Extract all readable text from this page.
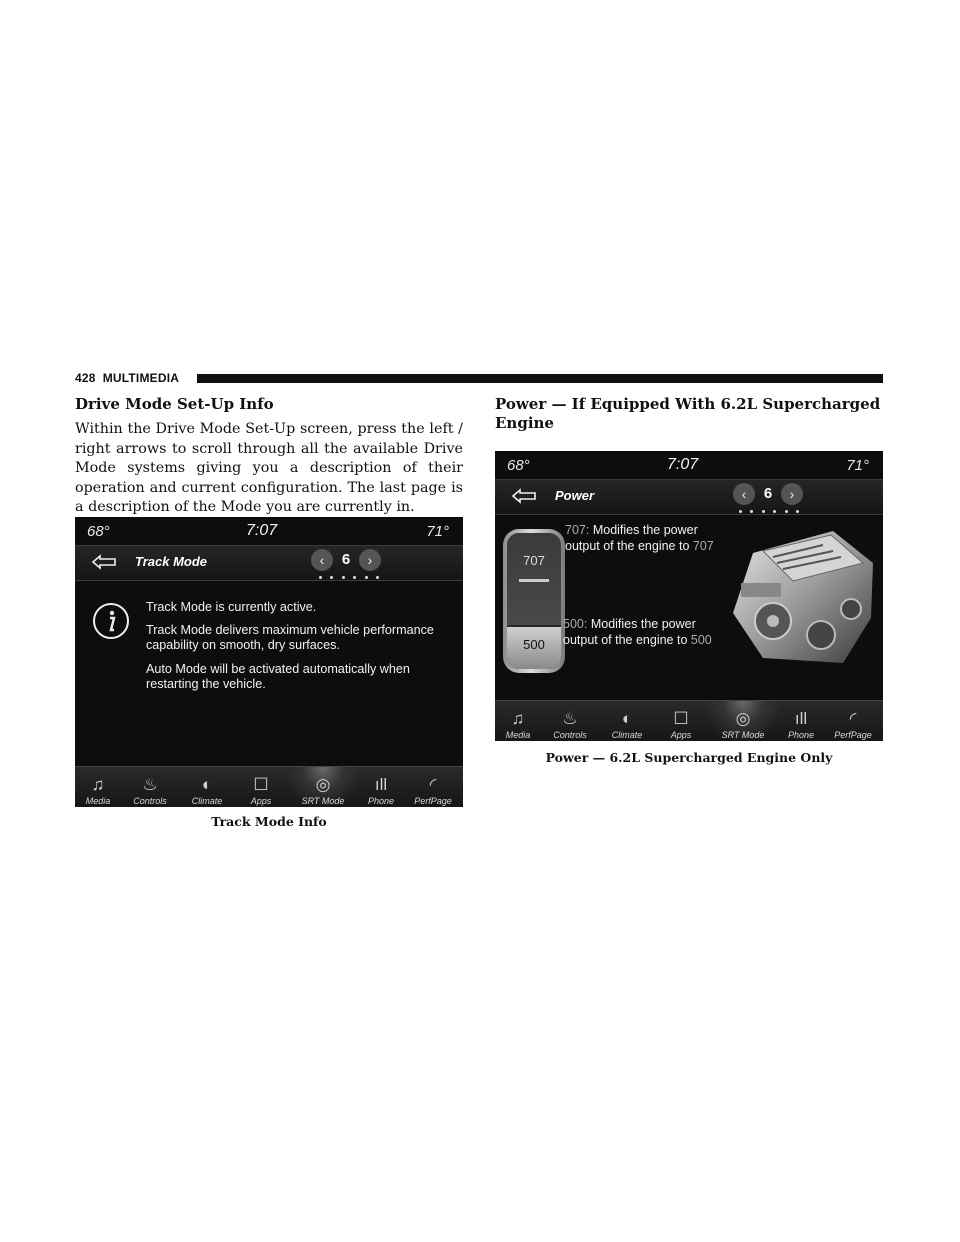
428 MULTIMEDIA
Drive Mode Set-Up Info

Within the Drive Mode Set-Up screen, press the left / right arrows to scroll through all the available Drive Mode systems giving you a description of their operation and current configuration. The last page is a description of the Mode you are currently in.

68°	7:07	71°
Track Mode	‹	6	›
Track Mode is currently active.
Track Mode delivers maximum vehicle performance capability on smooth, dry surfaces.
Auto Mode will be activated automatically when restarting the vehicle.
♫
Media
♨
Controls
◐
Climate
☐
Apps
◎
SRT Mode
ıll
Phone
◜
PerfPage
Track Mode Info
Power — If Equipped With 6.2L Supercharged Engine
68°	7:07	71°
Power	‹	6	›
707
500
707: Modifies the power output of the engine to 707
500: Modifies the power output of the engine to 500
♫
Media
♨
Controls
◐
Climate
☐
Apps
◎
SRT Mode
ıll
Phone
◜
PerfPage
Power — 6.2L Supercharged Engine Only
